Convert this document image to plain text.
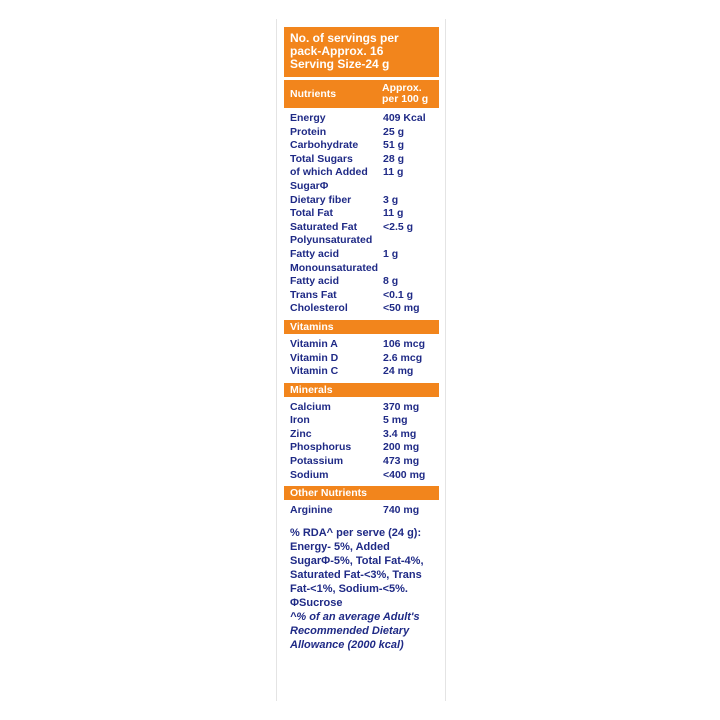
No. of servings per
pack-Approx. 16
Serving Size-24 g
Nutrients	Approx.
per 100 g
Energy	409 Kcal
Protein	25 g
Carbohydrate	51 g
Total Sugars	28 g
of which Added	11 g
SugarΦ
Dietary fiber	3 g
Total Fat	11 g
Saturated Fat	<2.5 g
Polyunsaturated
Fatty acid	1 g
Monounsaturated
Fatty acid	8 g
Trans Fat	<0.1 g
Cholesterol	<50 mg
Vitamins
Vitamin A	106 mcg
Vitamin D	2.6 mcg
Vitamin C	24 mg
Minerals
Calcium	370 mg
Iron	5 mg
Zinc	3.4 mg
Phosphorus	200 mg
Potassium	473 mg
Sodium	<400 mg
Other Nutrients
Arginine	740 mg
% RDA^ per serve (24 g):
Energy- 5%, Added
SugarΦ-5%, Total Fat-4%,
Saturated Fat-<3%, Trans
Fat-<1%, Sodium-<5%.
ΦSucrose
^% of an average Adult's
Recommended Dietary
Allowance (2000 kcal)
